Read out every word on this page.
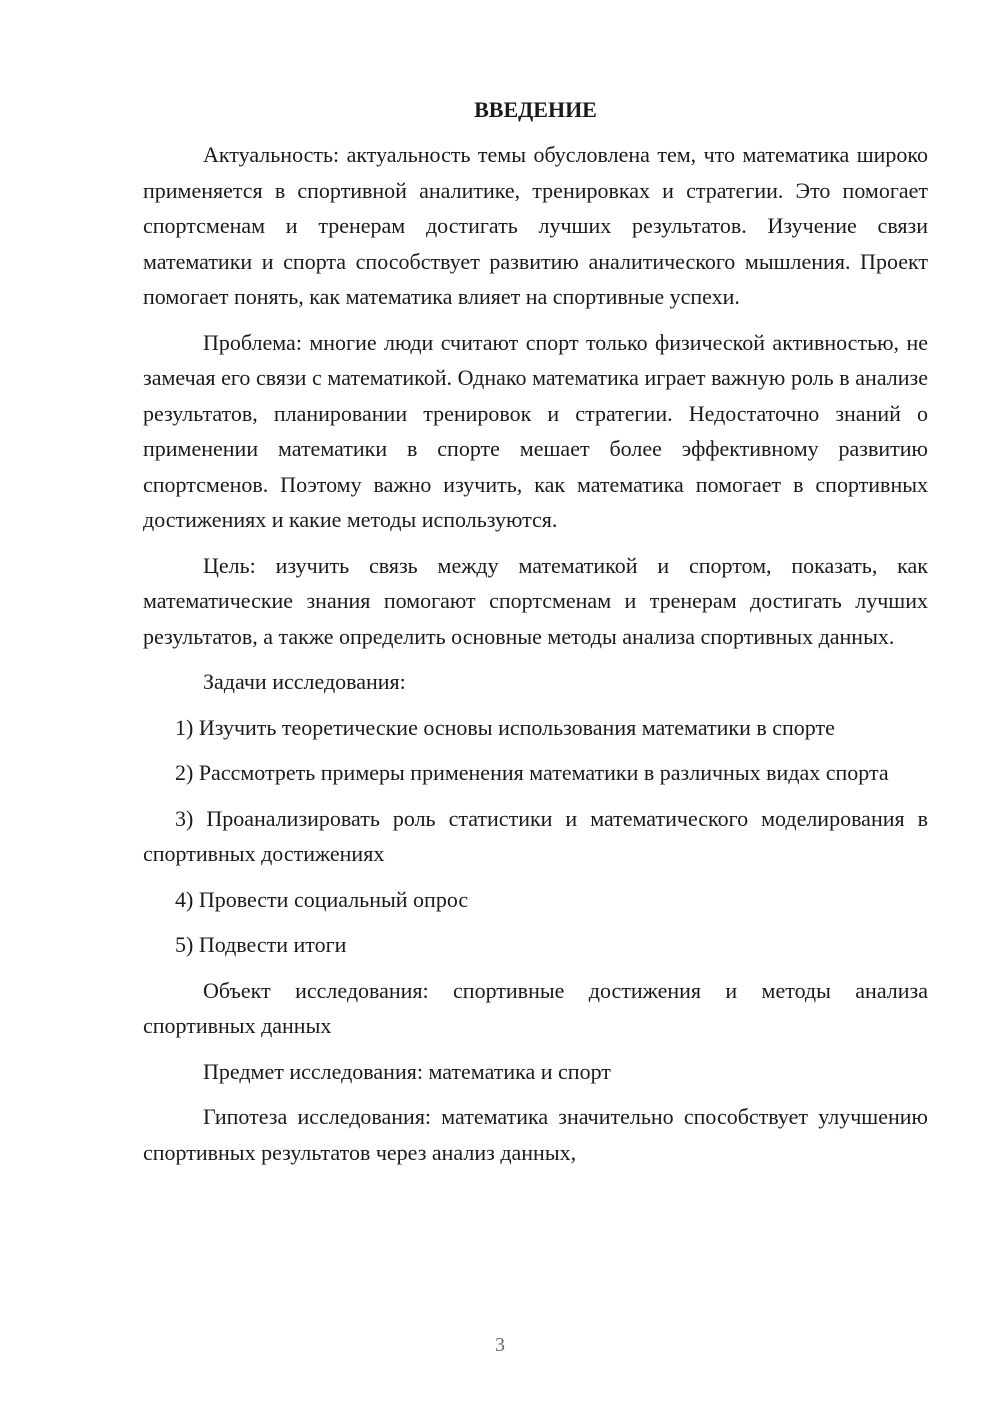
ВВЕДЕНИЕ

Актуальность: актуальность темы обусловлена тем, что математика широко применяется в спортивной аналитике, тренировках и стратегии. Это помогает спортсменам и тренерам достигать лучших результатов. Изучение связи математики и спорта способствует развитию аналитического мышления. Проект помогает понять, как математика влияет на спортивные успехи.

Проблема: многие люди считают спорт только физической активностью, не замечая его связи с математикой. Однако математика играет важную роль в анализе результатов, планировании тренировок и стратегии. Недостаточно знаний о применении математики в спорте мешает более эффективному развитию спортсменов. Поэтому важно изучить, как математика помогает в спортивных достижениях и какие методы используются.

Цель: изучить связь между математикой и спортом, показать, как математические знания помогают спортсменам и тренерам достигать лучших результатов, а также определить основные методы анализа спортивных данных.

Задачи исследования:

1) Изучить теоретические основы использования математики в спорте

2) Рассмотреть примеры применения математики в различных видах спорта

3) Проанализировать роль статистики и математического моделирования в спортивных достижениях

4) Провести социальный опрос

5) Подвести итоги

Объект исследования: спортивные достижения и методы анализа спортивных данных

Предмет исследования: математика и спорт

Гипотеза исследования: математика значительно способствует улучшению спортивных результатов через анализ данных,

3
